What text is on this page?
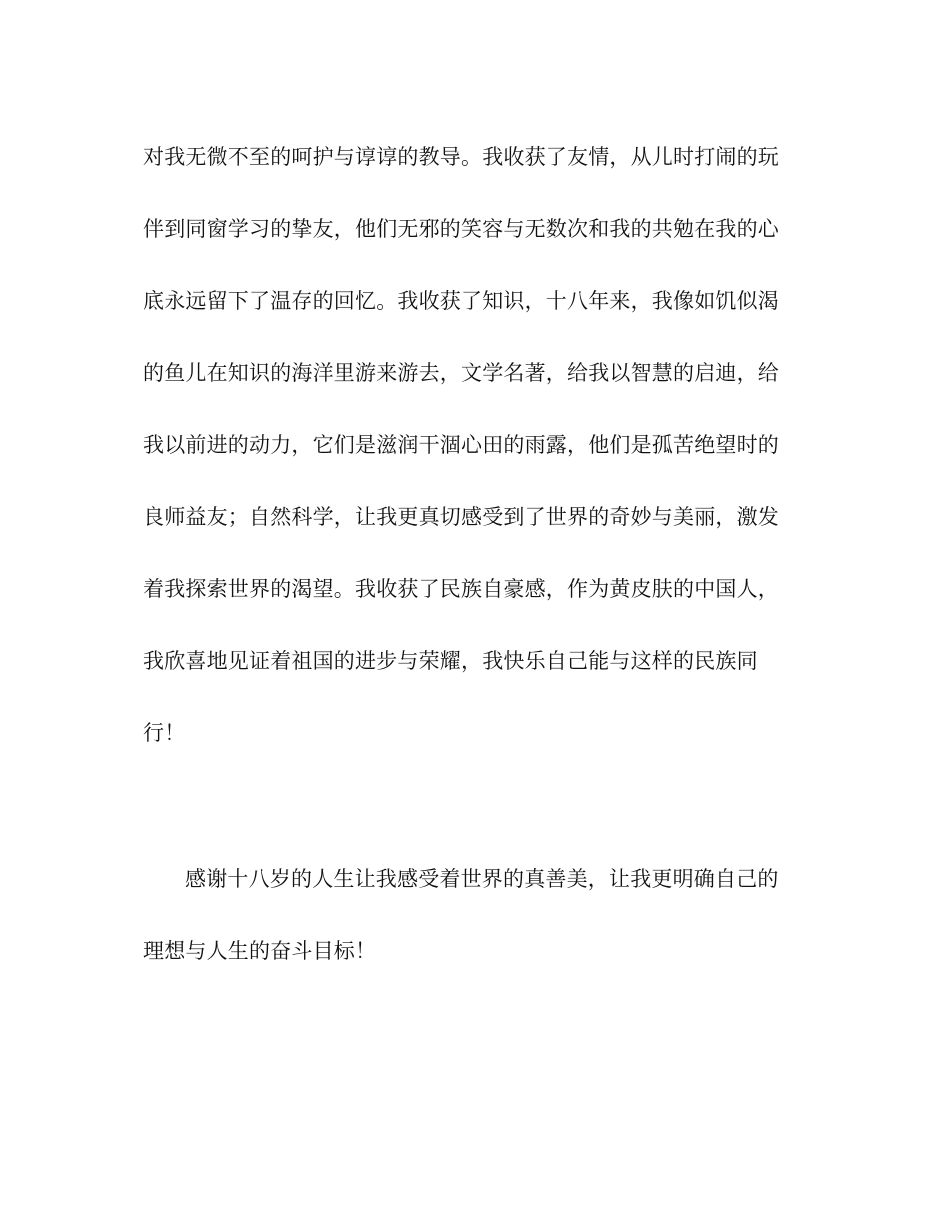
对我无微不至的呵护与谆谆的教导。我收获了友情，从儿时打闹的玩
伴到同窗学习的挚友，他们无邪的笑容与无数次和我的共勉在我的心
底永远留下了温存的回忆。我收获了知识，十八年来，我像如饥似渴
的鱼儿在知识的海洋里游来游去，文学名著，给我以智慧的启迪，给
我以前进的动力，它们是滋润干涸心田的雨露，他们是孤苦绝望时的
良师益友；自然科学，让我更真切感受到了世界的奇妙与美丽，激发
着我探索世界的渴望。我收获了民族自豪感，作为黄皮肤的中国人，
我欣喜地见证着祖国的进步与荣耀，我快乐自己能与这样的民族同
行！
感谢十八岁的人生让我感受着世界的真善美，让我更明确自己的
理想与人生的奋斗目标！
